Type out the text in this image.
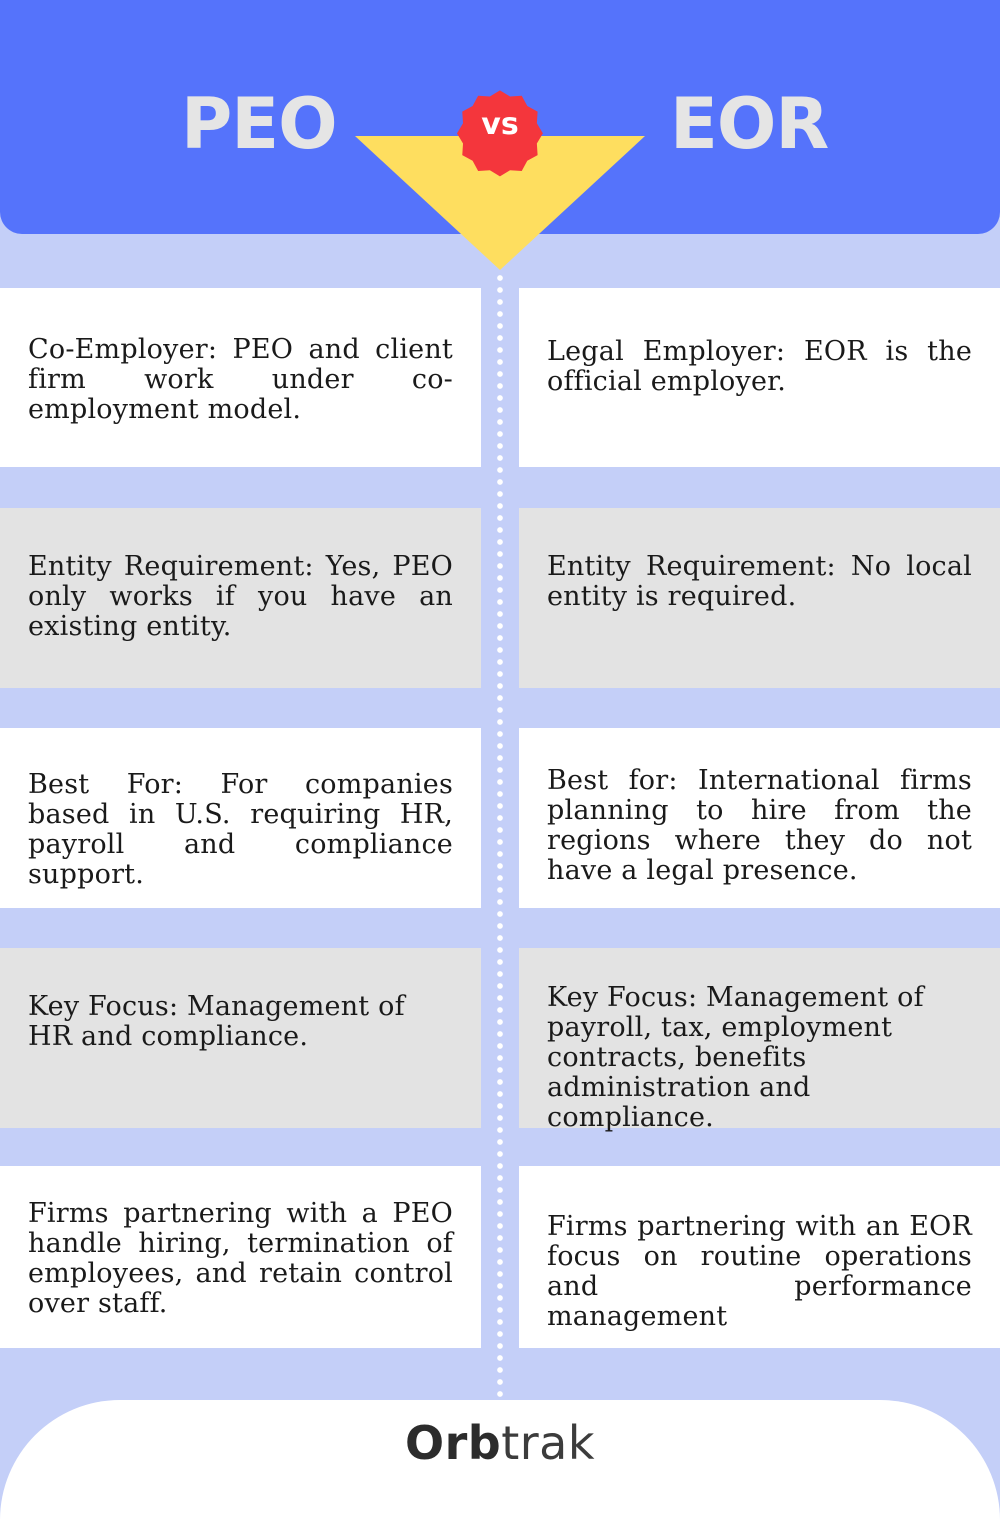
PEO	EOR
vs
Co-Employer: PEO and client firm work under co-employment model.
Legal Employer: EOR is the official employer.
Entity Requirement: Yes, PEO only works if you have an existing entity.
Entity Requirement: No local entity is required.
Best For: For companies based in U.S. requiring HR, payroll and compliance support.
Best for: International firms planning to hire from the regions where they do not have a legal presence.
Key Focus: Management of HR and compliance.
Key Focus: Management of payroll, tax, employment contracts, benefits administration and compliance.
Firms partnering with a PEO handle hiring, termination of employees, and retain control over staff.
Firms partnering with an EOR focus on routine operations and performance management
Orbtrak
